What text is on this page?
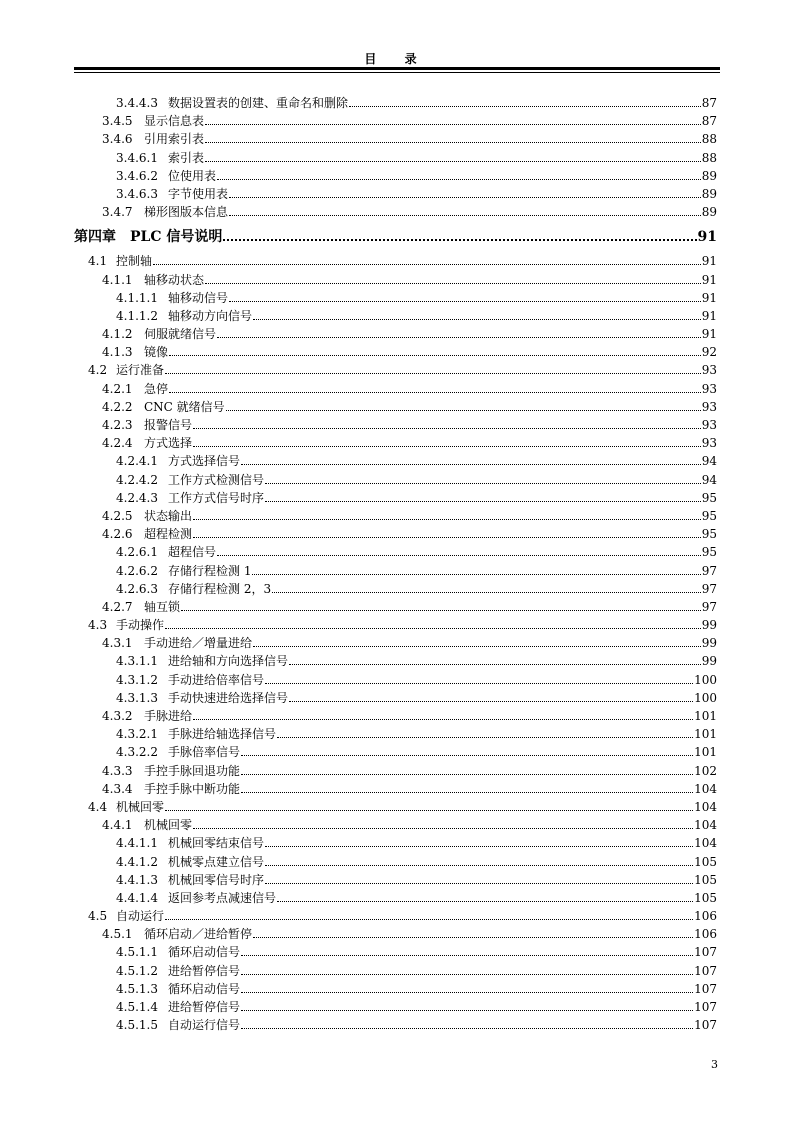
目 录
3.4.4.3 数据设置表的创建、重命名和删除	87
3.4.5 显示信息表	87
3.4.6 引用索引表	88
3.4.6.1 索引表	88
3.4.6.2 位使用表	89
3.4.6.3 字节使用表	89
3.4.7 梯形图版本信息	89
第四章	PLC 信号说明	91
4.1 控制轴	91
4.1.1 轴移动状态	91
4.1.1.1 轴移动信号	91
4.1.1.2 轴移动方向信号	91
4.1.2 伺服就绪信号	91
4.1.3 镜像	92
4.2 运行准备	93
4.2.1 急停	93
4.2.2 CNC 就绪信号	93
4.2.3 报警信号	93
4.2.4 方式选择	93
4.2.4.1 方式选择信号	94
4.2.4.2 工作方式检测信号	94
4.2.4.3 工作方式信号时序	95
4.2.5 状态输出	95
4.2.6 超程检测	95
4.2.6.1 超程信号	95
4.2.6.2 存储行程检测 1	97
4.2.6.3 存储行程检测 2，3	97
4.2.7 轴互锁	97
4.3 手动操作	99
4.3.1 手动进给／增量进给	99
4.3.1.1 进给轴和方向选择信号	99
4.3.1.2 手动进给倍率信号	100
4.3.1.3 手动快速进给选择信号	100
4.3.2 手脉进给	101
4.3.2.1 手脉进给轴选择信号	101
4.3.2.2 手脉倍率信号	101
4.3.3 手控手脉回退功能	102
4.3.4 手控手脉中断功能	104
4.4 机械回零	104
4.4.1 机械回零	104
4.4.1.1 机械回零结束信号	104
4.4.1.2 机械零点建立信号	105
4.4.1.3 机械回零信号时序	105
4.4.1.4 返回参考点减速信号	105
4.5 自动运行	106
4.5.1 循环启动／进给暂停	106
4.5.1.1 循环启动信号	107
4.5.1.2 进给暂停信号	107
4.5.1.3 循环启动信号	107
4.5.1.4 进给暂停信号	107
4.5.1.5 自动运行信号	107
3
